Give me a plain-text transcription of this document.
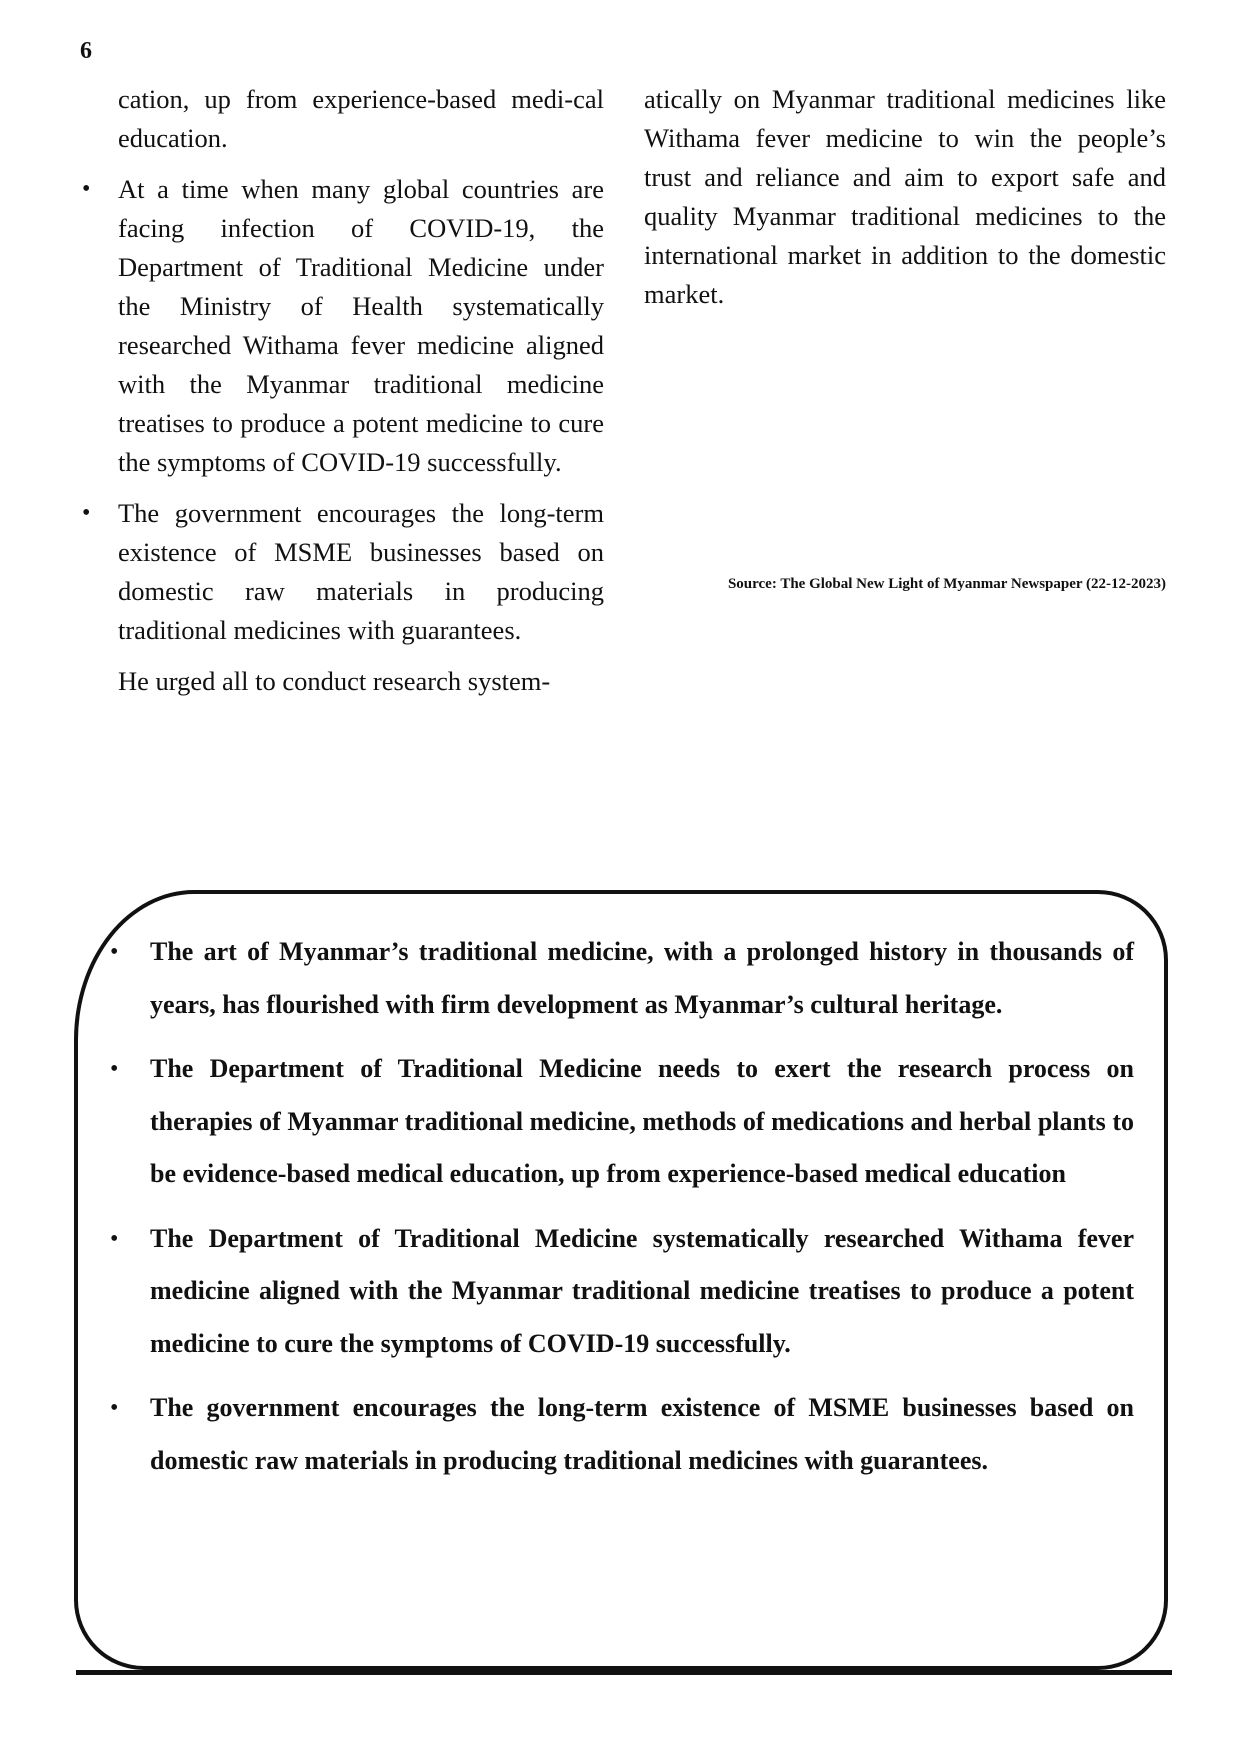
6

cation, up from experience-based medi-cal education.

• At a time when many global countries are facing infection of COVID-19, the Department of Traditional Medicine under the Ministry of Health systematically researched Withama fever medicine aligned with the Myanmar traditional medicine treatises to produce a potent medicine to cure the symptoms of COVID-19 successfully.
• The government encourages the long-term existence of MSME businesses based on domestic raw materials in producing traditional medicines with guarantees.

He urged all to conduct research system-

atically on Myanmar traditional medicines like Withama fever medicine to win the people’s trust and reliance and aim to export safe and quality Myanmar traditional medicines to the international market in addition to the domestic market.

Source: The Global New Light of Myanmar Newspaper (22-12-2023)
• The art of Myanmar’s traditional medicine, with a prolonged history in thousands of years, has flourished with firm development as Myanmar’s cultural heritage.
• The Department of Traditional Medicine needs to exert the research process on therapies of Myanmar traditional medicine, methods of medications and herbal plants to be evidence-based medical education, up from experience-based medical education
• The Department of Traditional Medicine systematically researched Withama fever medicine aligned with the Myanmar traditional medicine treatises to produce a potent medicine to cure the symptoms of COVID-19 successfully.
• The government encourages the long-term existence of MSME businesses based on domestic raw materials in producing traditional medicines with guarantees.
